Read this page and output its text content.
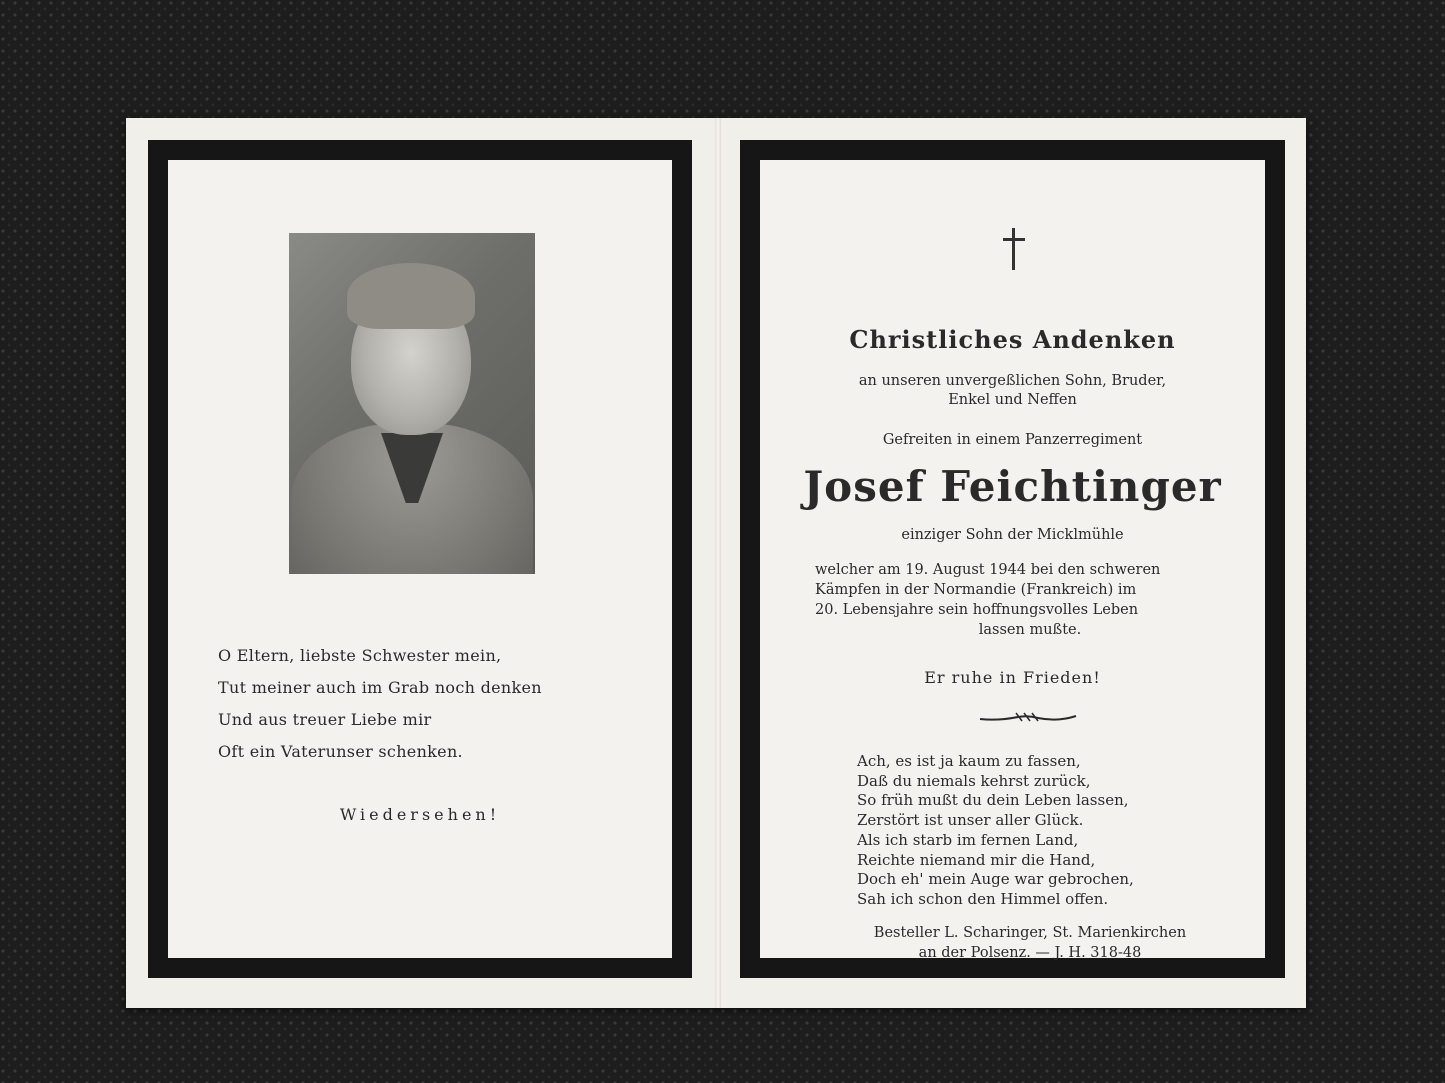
O Eltern, liebste Schwester mein,
Tut meiner auch im Grab noch denken
Und aus treuer Liebe mir
Oft ein Vaterunser schenken.
Wiedersehen!
Christliches Andenken
an unseren unvergeßlichen Sohn, Bruder,
Enkel und Neffen
Gefreiten in einem Panzerregiment
Josef Feichtinger
einziger Sohn der Micklmühle
welcher am 19. August 1944 bei den schweren
Kämpfen in der Normandie (Frankreich) im
20. Lebensjahre sein hoffnungsvolles Leben
lassen mußte.
Er ruhe in Frieden!
Ach, es ist ja kaum zu fassen,
Daß du niemals kehrst zurück,
So früh mußt du dein Leben lassen,
Zerstört ist unser aller Glück.
Als ich starb im fernen Land,
Reichte niemand mir die Hand,
Doch eh' mein Auge war gebrochen,
Sah ich schon den Himmel offen.
Besteller L. Scharinger, St. Marienkirchen
an der Polsenz. — J. H. 318-48
